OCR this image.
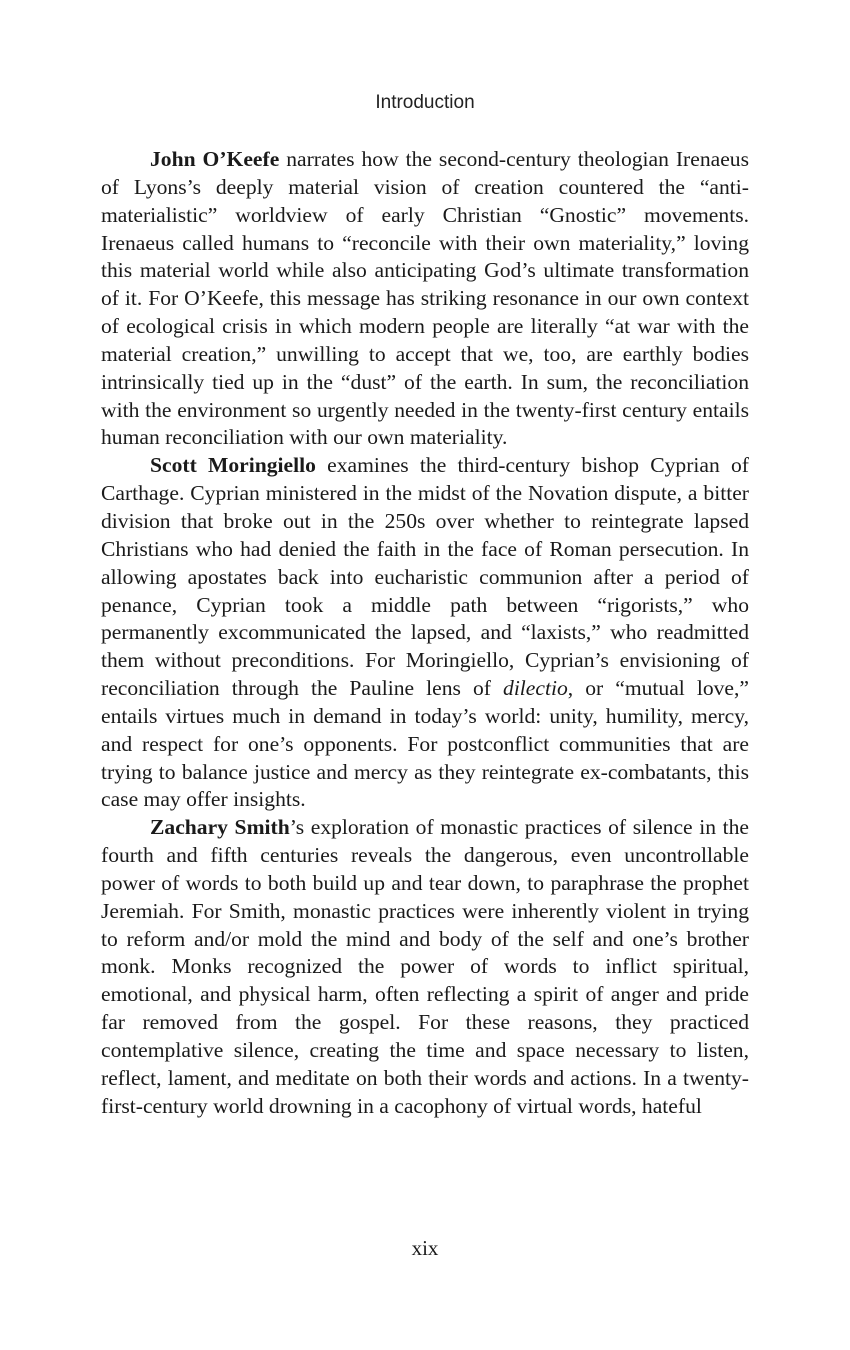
Introduction

John O’Keefe narrates how the second-century theologian Irenaeus of Lyons’s deeply material vision of creation countered the “anti-materialistic” worldview of early Christian “Gnostic” movements. Irenaeus called humans to “reconcile with their own materiality,” loving this material world while also anticipating God’s ultimate transformation of it. For O’Keefe, this message has striking resonance in our own context of ecological crisis in which modern people are literally “at war with the material creation,” unwilling to accept that we, too, are earthly bodies intrinsically tied up in the “dust” of the earth. In sum, the reconciliation with the environment so urgently needed in the twenty-first century entails human reconciliation with our own materiality.

Scott Moringiello examines the third-century bishop Cyprian of Carthage. Cyprian ministered in the midst of the Novation dispute, a bitter division that broke out in the 250s over whether to reintegrate lapsed Christians who had denied the faith in the face of Roman persecution. In allowing apostates back into eucharistic communion after a period of penance, Cyprian took a middle path between “rigorists,” who permanently excommunicated the lapsed, and “laxists,” who readmitted them without preconditions. For Moringiello, Cyprian’s envisioning of reconciliation through the Pauline lens of dilectio, or “mutual love,” entails virtues much in demand in today’s world: unity, humility, mercy, and respect for one’s opponents. For postconflict communities that are trying to balance justice and mercy as they reintegrate ex-combatants, this case may offer insights.

Zachary Smith’s exploration of monastic practices of silence in the fourth and fifth centuries reveals the dangerous, even uncontrollable power of words to both build up and tear down, to paraphrase the prophet Jeremiah. For Smith, monastic practices were inherently violent in trying to reform and/or mold the mind and body of the self and one’s brother monk. Monks recognized the power of words to inflict spiritual, emotional, and physical harm, often reflecting a spirit of anger and pride far removed from the gospel. For these reasons, they practiced contemplative silence, creating the time and space necessary to listen, reflect, lament, and meditate on both their words and actions. In a twenty-first-century world drowning in a cacophony of virtual words, hateful

xix
